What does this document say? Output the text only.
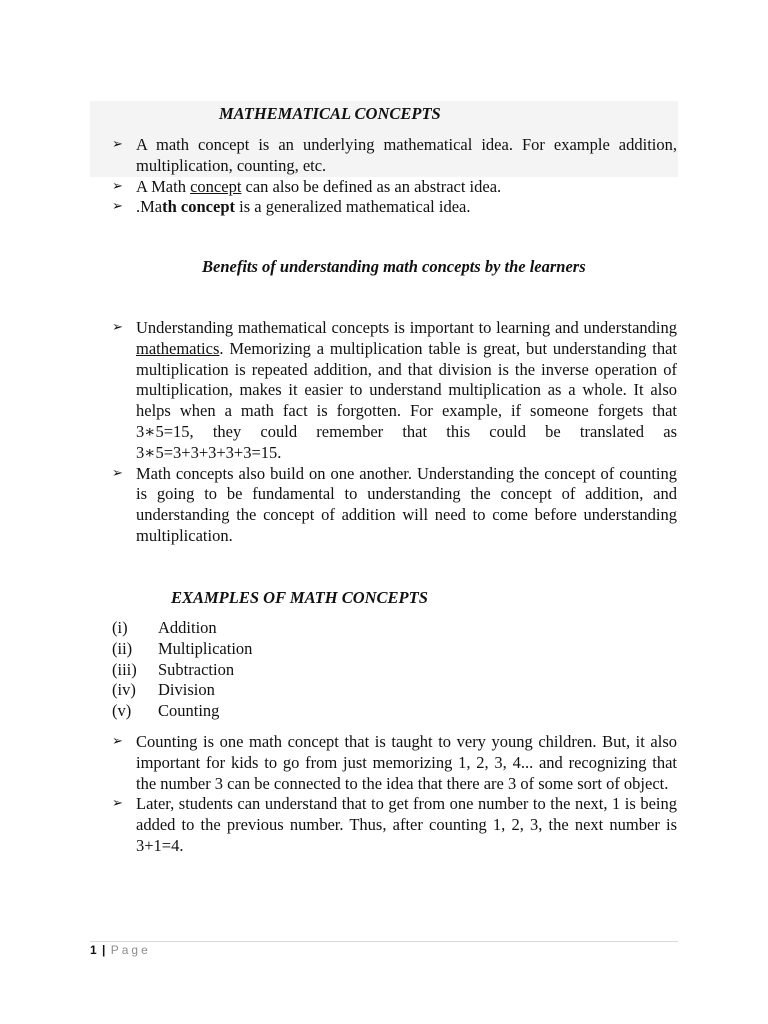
MATHEMATICAL CONCEPTS
➢ A math concept is an underlying mathematical idea. For example addition, multiplication, counting, etc.
➢ A Math concept can also be defined as an abstract idea.
➢ .Math concept is a generalized mathematical idea.
Benefits of understanding math concepts by the learners
➢ Understanding mathematical concepts is important to learning and understanding mathematics. Memorizing a multiplication table is great, but understanding that multiplication is repeated addition, and that division is the inverse operation of multiplication, makes it easier to understand multiplication as a whole. It also helps when a math fact is forgotten. For example, if someone forgets that 3∗5=15, they could remember that this could be translated as 3∗5=3+3+3+3+3=15.
➢ Math concepts also build on one another. Understanding the concept of counting is going to be fundamental to understanding the concept of addition, and understanding the concept of addition will need to come before understanding multiplication.
EXAMPLES OF MATH CONCEPTS
(i) Addition
(ii) Multiplication
(iii) Subtraction
(iv) Division
(v) Counting
➢ Counting is one math concept that is taught to very young children. But, it also important for kids to go from just memorizing 1, 2, 3, 4... and recognizing that the number 3 can be connected to the idea that there are 3 of some sort of object.
➢ Later, students can understand that to get from one number to the next, 1 is being added to the previous number. Thus, after counting 1, 2, 3, the next number is 3+1=4.
1 | Page
